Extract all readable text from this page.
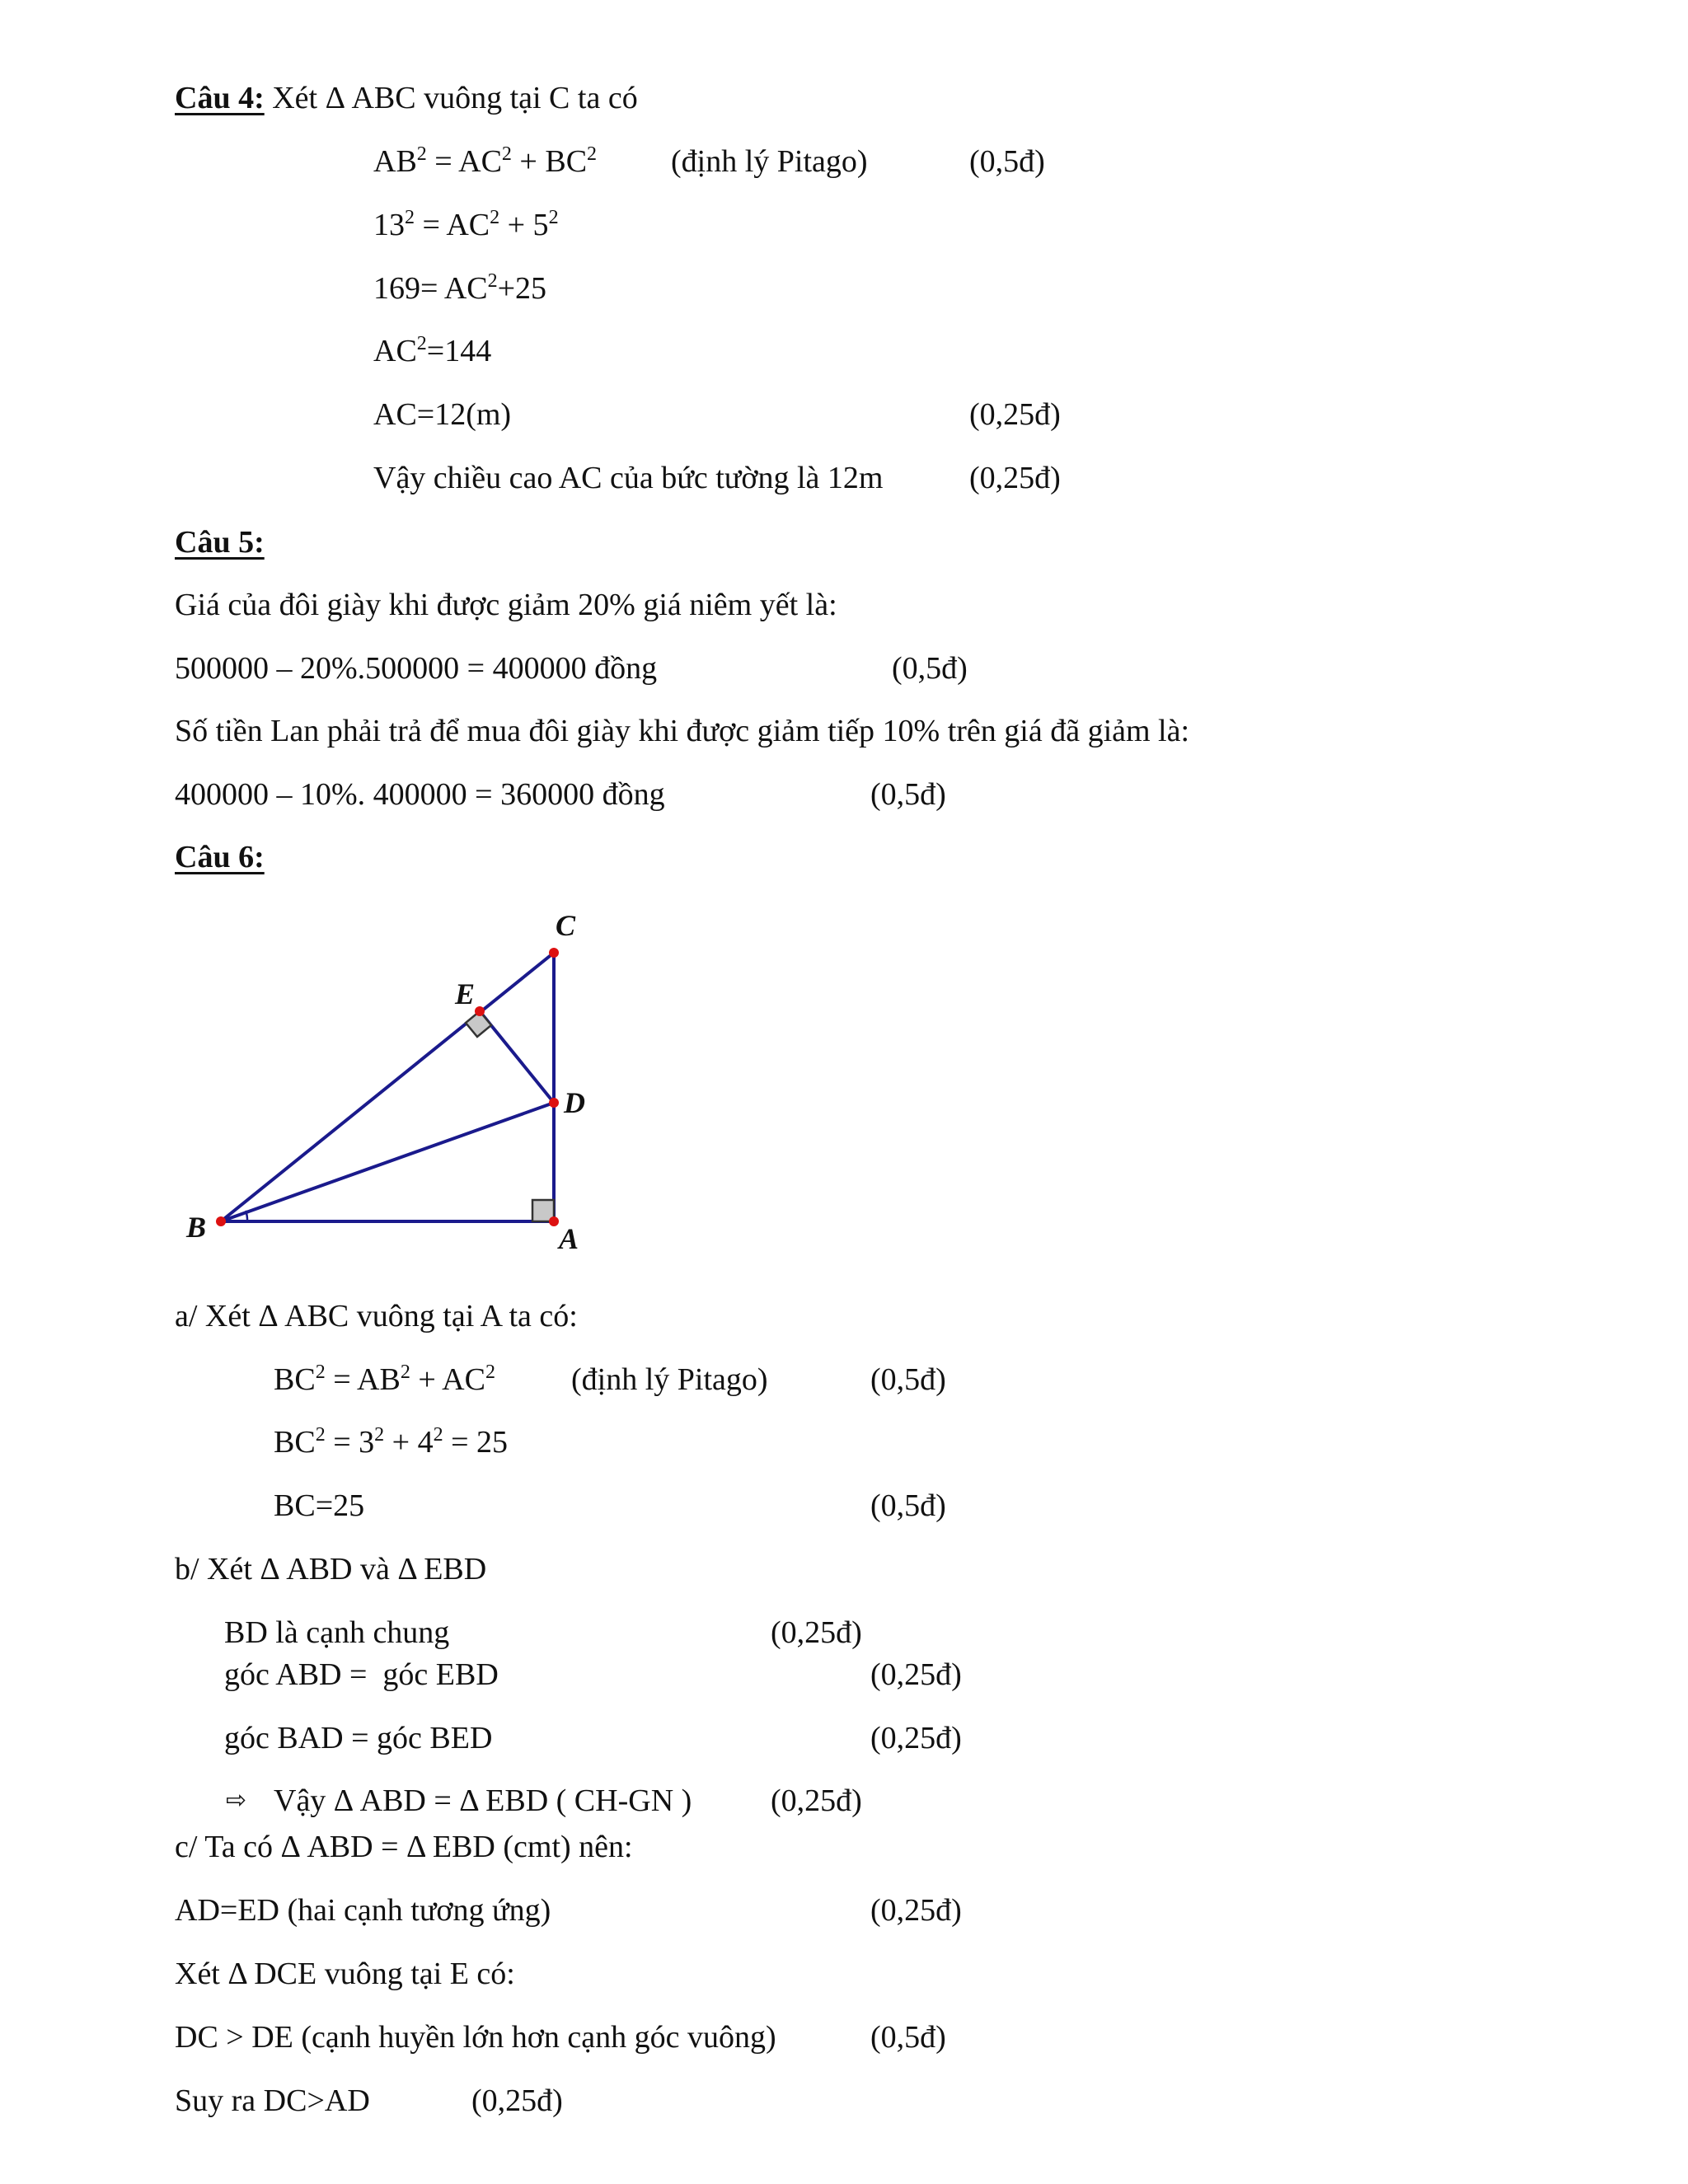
Câu 4: Xét Δ ABC vuông tại C ta có
$AB^2 = AC^2 + BC^2$ (định lý Pitago)	(0,5đ)
$13^2 = AC^2 + 5^2$
$169= AC^2+25$
$AC^2=144$
AC=12(m)	(0,25đ)
Vậy chiều cao AC của bức tường là 12m	(0,25đ)
Câu 5:
Giá của đôi giày khi được giảm 20% giá niêm yết là:
500000 – 20%.500000 = 400000 đồng	(0,5đ)
Số tiền Lan phải trả để mua đôi giày khi được giảm tiếp 10% trên giá đã giảm là:
400000 – 10%. 400000 = 360000 đồng	(0,5đ)
Câu 6:
C
E
D
B	A
a/ Xét Δ ABC vuông tại A ta có:
$BC^2 = AB^2 + AC^2$ (định lý Pitago)	(0,5đ)
$BC^2 = 3^2 + 4^2 = 25$
BC=25	(0,5đ)
b/ Xét Δ ABD và Δ EBD
BD là cạnh chung	(0,25đ)
góc ABD =  góc EBD	(0,25đ)
góc BAD = góc BED	(0,25đ)
⇨ Vậy Δ ABD = Δ EBD ( CH-GN )	(0,25đ)
c/ Ta có Δ ABD = Δ EBD (cmt) nên:
AD=ED (hai cạnh tương ứng)	(0,25đ)
Xét Δ DCE vuông tại E có:
DC > DE (cạnh huyền lớn hơn cạnh góc vuông)	(0,5đ)
Suy ra DC>AD	(0,25đ)
